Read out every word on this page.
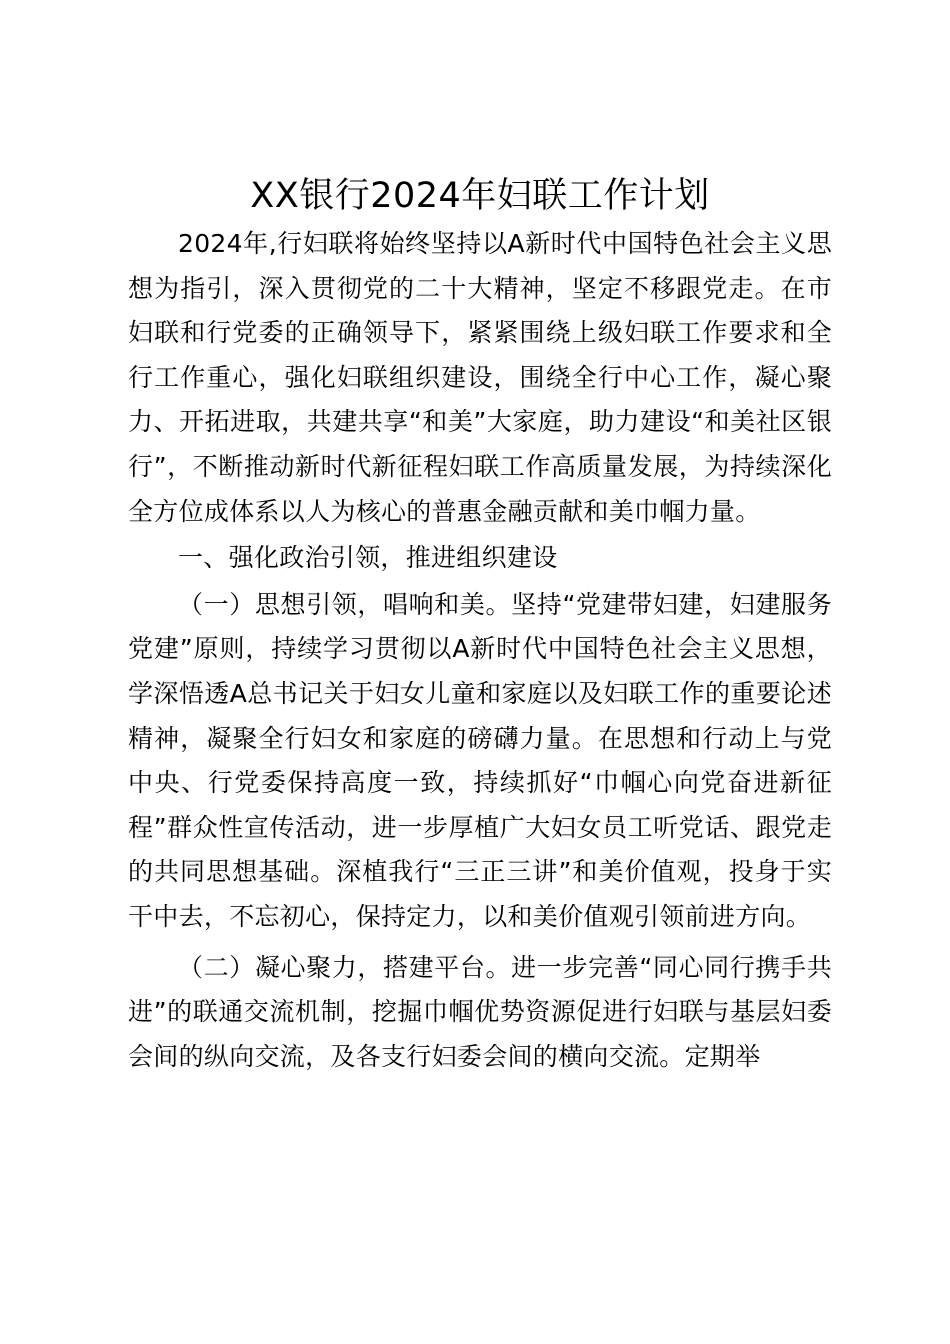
XX银行2024年妇联工作计划

2024年,行妇联将始终坚持以A新时代中国特色社会主义思想为指引，深入贯彻党的二十大精神，坚定不移跟党走。在市妇联和行党委的正确领导下，紧紧围绕上级妇联工作要求和全行工作重心，强化妇联组织建设，围绕全行中心工作，凝心聚力、开拓进取，共建共享“和美”大家庭，助力建设“和美社区银行”，不断推动新时代新征程妇联工作高质量发展，为持续深化全方位成体系以人为核心的普惠金融贡献和美巾帼力量。

一、强化政治引领，推进组织建设

（一）思想引领，唱响和美。坚持“党建带妇建，妇建服务党建”原则，持续学习贯彻以A新时代中国特色社会主义思想，学深悟透A总书记关于妇女儿童和家庭以及妇联工作的重要论述精神，凝聚全行妇女和家庭的磅礴力量。在思想和行动上与党中央、行党委保持高度一致，持续抓好“巾帼心向党奋进新征程”群众性宣传活动，进一步厚植广大妇女员工听党话、跟党走的共同思想基础。深植我行“三正三讲”和美价值观，投身于实干中去，不忘初心，保持定力，以和美价值观引领前进方向。

（二）凝心聚力，搭建平台。进一步完善“同心同行携手共进”的联通交流机制，挖掘巾帼优势资源促进行妇联与基层妇委会间的纵向交流，及各支行妇委会间的横向交流。定期举
